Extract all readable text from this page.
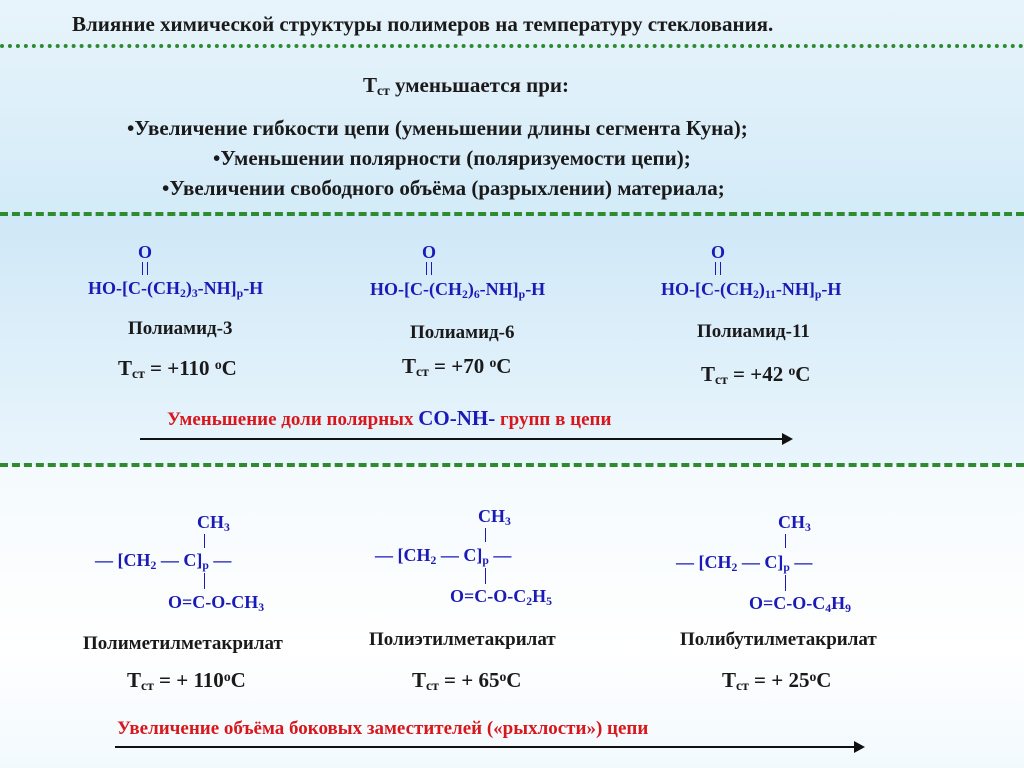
Влияние химической структуры полимеров на температуру стеклования.
$Т_{ст}$ уменьшается при:
•Увеличение гибкости цепи (уменьшении длины сегмента Куна);
•Уменьшении полярности (поляризуемости цепи);
•Увеличении свободного объёма (разрыхлении) материала;
O
$HO-[C-(CH_2)_3-NH]_p-H$
Полиамид-3
$Т_{ст} = +110$ $^о$С
O
$HO-[C-(CH_2)_6-NH]_p-H$
Полиамид-6
$Т_{ст} = +70$ $^о$С
O
$HO-[C-(CH_2)_{11}-NH]_p-H$
Полиамид-11
$Т_{ст} = +42$ $^о$С
Уменьшение доли полярных CO-NH- групп в цепи
$CH_3$
— [$CH_2$ — $C]_p$ —
$O=C-O-CH_3$
Полиметилметакрилат
$Т_{ст}$ = + $110^оС$
$CH_3$
— [$CH_2$ — $C]_p$ —
$O=C-O-C_2H_5$
Полиэтилметакрилат
$Т_{ст}$ = + $65^оС$
$CH_3$
— [$CH_2$ — $C]_p$ —
$O=C-O-C_4H_9$
Полибутилметакрилат
$Т_{ст}$ = + $25^оС$
Увеличение объёма боковых заместителей («рыхлости») цепи
